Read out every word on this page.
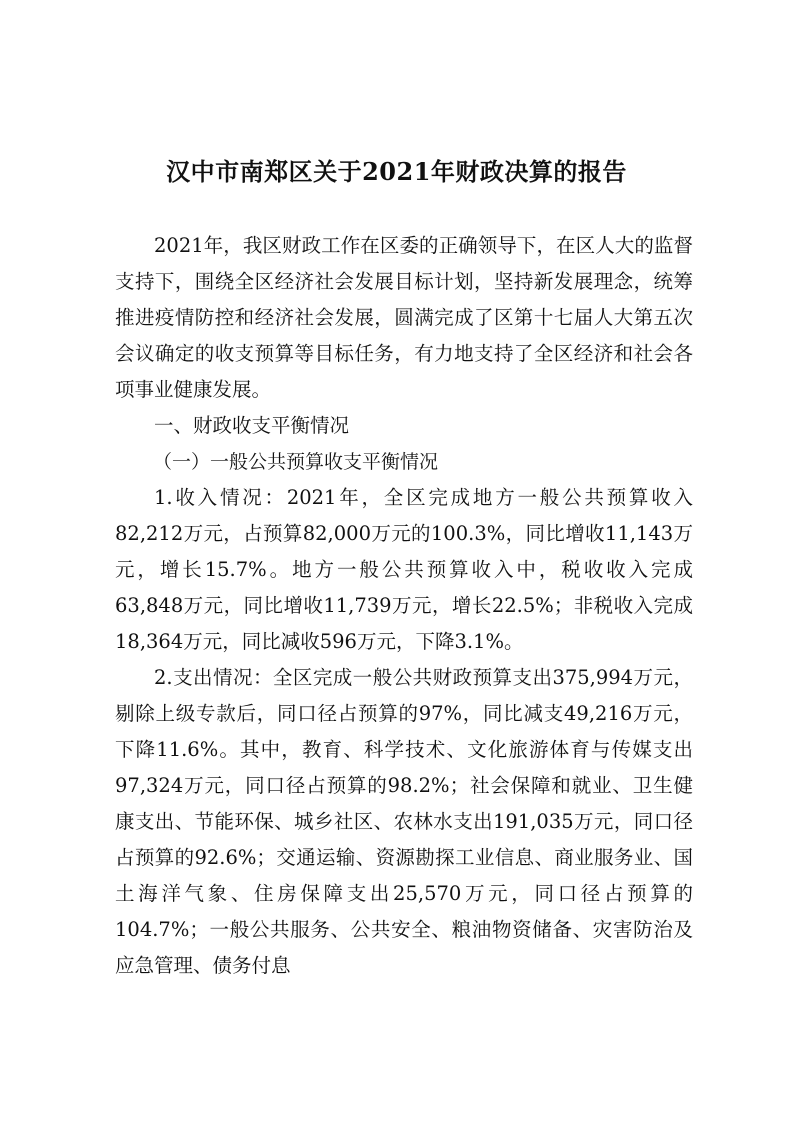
汉中市南郑区关于2021年财政决算的报告

2021年，我区财政工作在区委的正确领导下，在区人大的监督支持下，围绕全区经济社会发展目标计划，坚持新发展理念，统筹推进疫情防控和经济社会发展，圆满完成了区第十七届人大第五次会议确定的收支预算等目标任务，有力地支持了全区经济和社会各项事业健康发展。

一、财政收支平衡情况

（一）一般公共预算收支平衡情况

1.收入情况：2021年，全区完成地方一般公共预算收入82,212万元，占预算82,000万元的100.3%，同比增收11,143万元，增长15.7%。地方一般公共预算收入中，税收收入完成63,848万元，同比增收11,739万元，增长22.5%；非税收入完成18,364万元，同比减收596万元，下降3.1%。

2.支出情况：全区完成一般公共财政预算支出375,994万元，剔除上级专款后，同口径占预算的97%，同比减支49,216万元，下降11.6%。其中，教育、科学技术、文化旅游体育与传媒支出97,324万元，同口径占预算的98.2%；社会保障和就业、卫生健康支出、节能环保、城乡社区、农林水支出191,035万元，同口径占预算的92.6%；交通运输、资源勘探工业信息、商业服务业、国土海洋气象、住房保障支出25,570万元，同口径占预算的104.7%；一般公共服务、公共安全、粮油物资储备、灾害防治及应急管理、债务付息
